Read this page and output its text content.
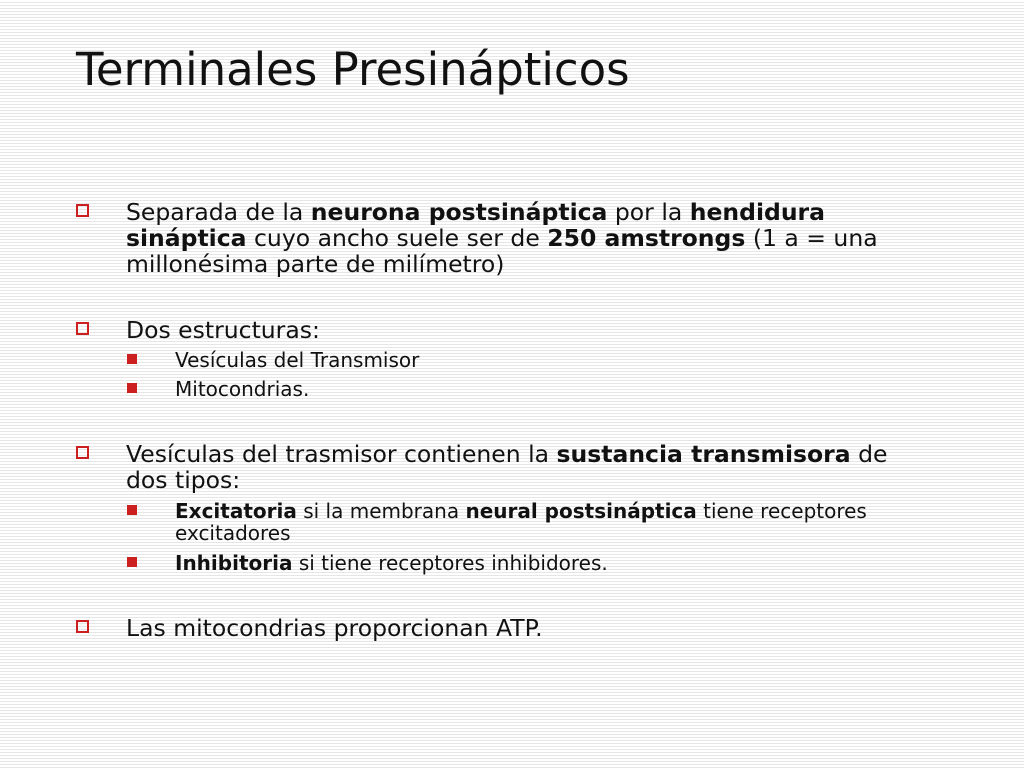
Terminales Presinápticos
Separada de la neurona postsináptica por la hendidura sináptica cuyo ancho suele ser de 250 amstrongs (1 a = una millonésima parte de milímetro)
Dos estructuras:
Vesículas del Transmisor
Mitocondrias.
Vesículas del trasmisor contienen la sustancia transmisora de dos tipos:
Excitatoria si la membrana neural postsináptica tiene receptores excitadores
Inhibitoria si tiene receptores inhibidores.
Las mitocondrias proporcionan ATP.
